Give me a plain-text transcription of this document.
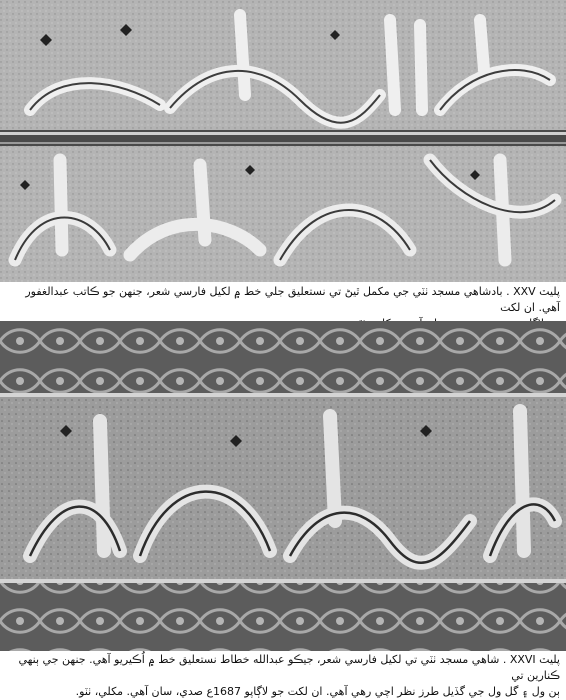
پليٽ XXV . بادشاهي مسجد ٺٽي جي مکمل ٿيڻ تي نستعليق جلي خط ۾ لکيل فارسي شعر، جنهن جو ڪاتب عبدالغفور آهي. ان لکت

پليٽ XXVI . شاهي مسجد ٺٽي تي لکيل فارسي شعر، جيڪو عبدالله خطاط نستعليق خط ۾ اُڪيريو آهي. جنهن جي ٻنهي ڪنارين تي

ٻن ول ۽ گل ول جي گڏيل طرز نظر اچي رهي آهي. ان لکت جو لاڳاپو 1687ع صدي، سان آهي. مکلي، ٺٽو.
